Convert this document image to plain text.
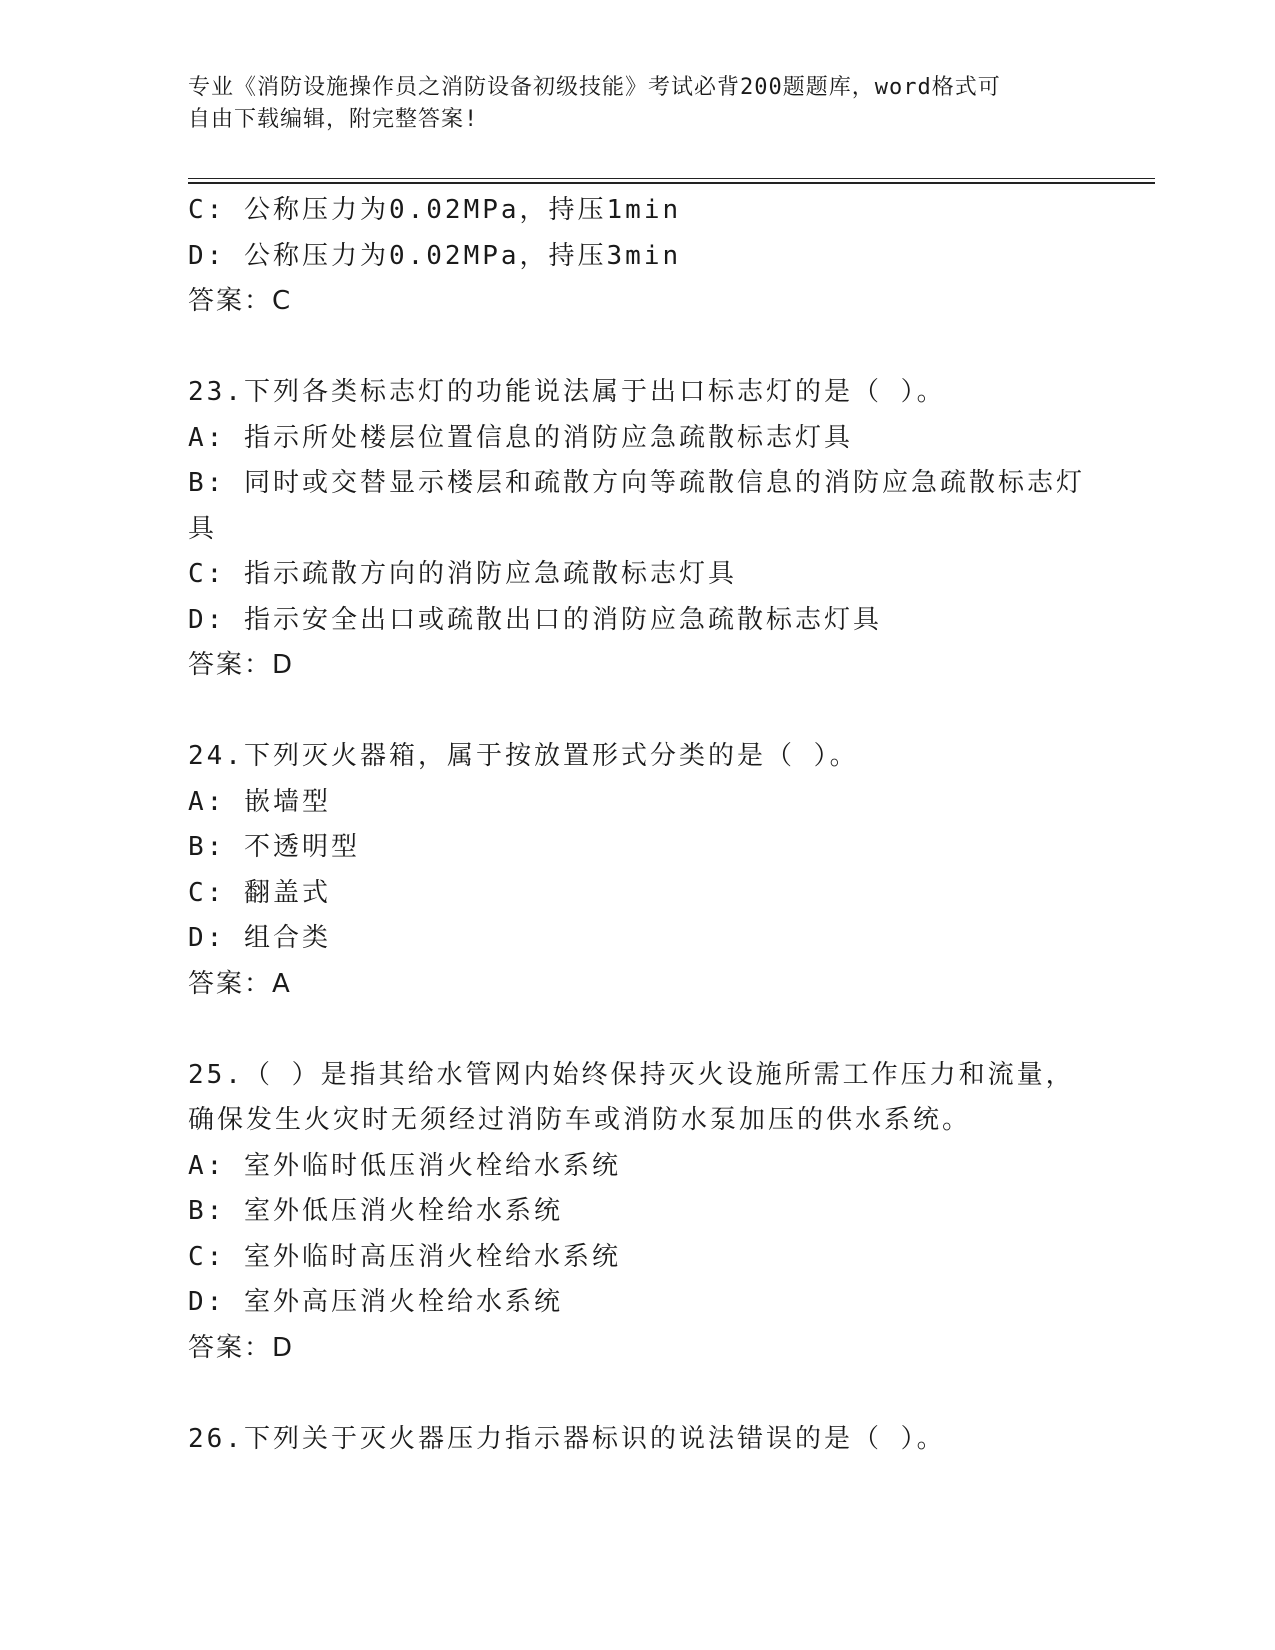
专业《消防设施操作员之消防设备初级技能》考试必背200题题库，word格式可
自由下载编辑，附完整答案!
C: 公称压力为0.02MPa，持压1min
D: 公称压力为0.02MPa，持压3min
答案：C
23.下列各类标志灯的功能说法属于出口标志灯的是（ ）。
A: 指示所处楼层位置信息的消防应急疏散标志灯具
B: 同时或交替显示楼层和疏散方向等疏散信息的消防应急疏散标志灯
具
C: 指示疏散方向的消防应急疏散标志灯具
D: 指示安全出口或疏散出口的消防应急疏散标志灯具
答案：D
24.下列灭火器箱，属于按放置形式分类的是（ ）。
A: 嵌墙型
B: 不透明型
C: 翻盖式
D: 组合类
答案：A
25.（ ）是指其给水管网内始终保持灭火设施所需工作压力和流量，
确保发生火灾时无须经过消防车或消防水泵加压的供水系统。
A: 室外临时低压消火栓给水系统
B: 室外低压消火栓给水系统
C: 室外临时高压消火栓给水系统
D: 室外高压消火栓给水系统
答案：D
26.下列关于灭火器压力指示器标识的说法错误的是（ ）。
